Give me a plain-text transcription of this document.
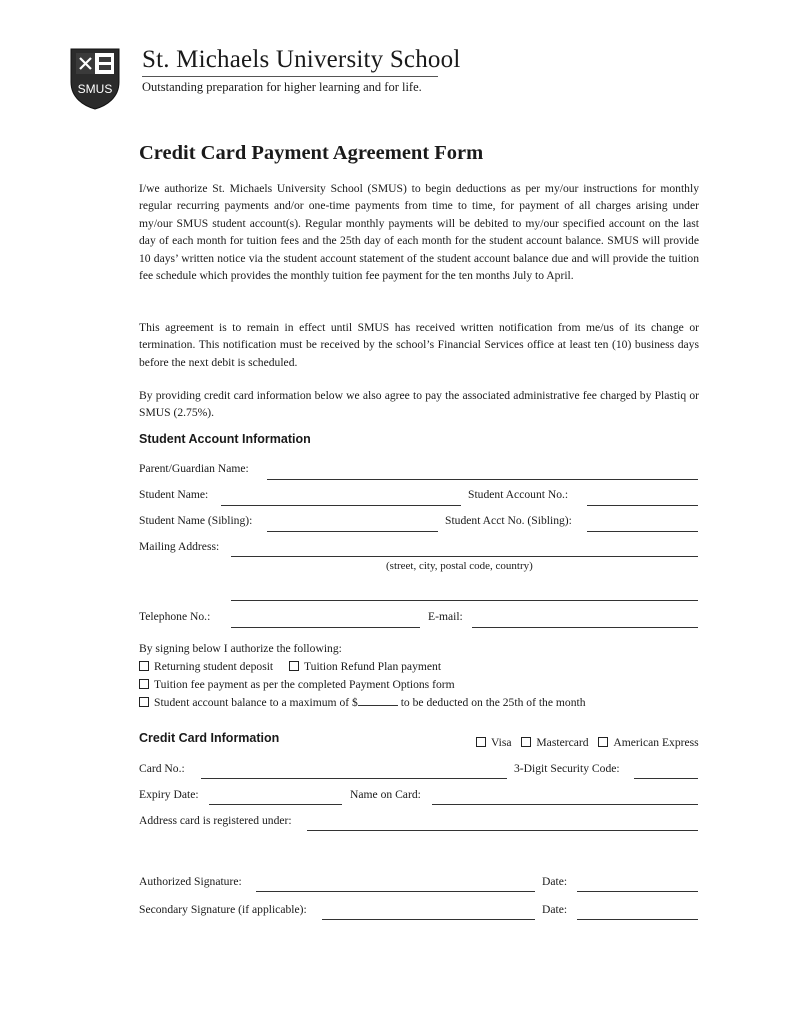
SMUS
St. Michaels University School
Outstanding preparation for higher learning and for life.
Credit Card Payment Agreement Form
I/we authorize St. Michaels University School (SMUS) to begin deductions as per my/our instructions for monthly regular recurring payments and/or one-time payments from time to time, for payment of all charges arising under my/our SMUS student account(s). Regular monthly payments will be debited to my/our specified account on the last day of each month for tuition fees and the 25th day of each month for the student account balance. SMUS will provide 10 days’ written notice via the student account statement of the student account balance due and will provide the tuition fee schedule which provides the monthly tuition fee payment for the ten months July to April.
This agreement is to remain in effect until SMUS has received written notification from me/us of its change or termination. This notification must be received by the school’s Financial Services office at least ten (10) business days before the next debit is scheduled.
By providing credit card information below we also agree to pay the associated administrative fee charged by Plastiq or SMUS (2.75%).
Student Account Information
Parent/Guardian Name:
Student Name:	Student Account No.:
Student Name (Sibling):	Student Acct No. (Sibling):
Mailing Address:
(street, city, postal code, country)
Telephone No.:	E-mail:
By signing below I authorize the following:
Returning student deposit	Tuition Refund Plan payment
Tuition fee payment as per the completed Payment Options form
Student account balance to a maximum of $	to be deducted on the 25th of the month
Credit Card Information	Visa Mastercard American Express
Card No.:	3-Digit Security Code:
Expiry Date:	Name on Card:
Address card is registered under:
Authorized Signature:	Date:
Secondary Signature (if applicable):	Date:
